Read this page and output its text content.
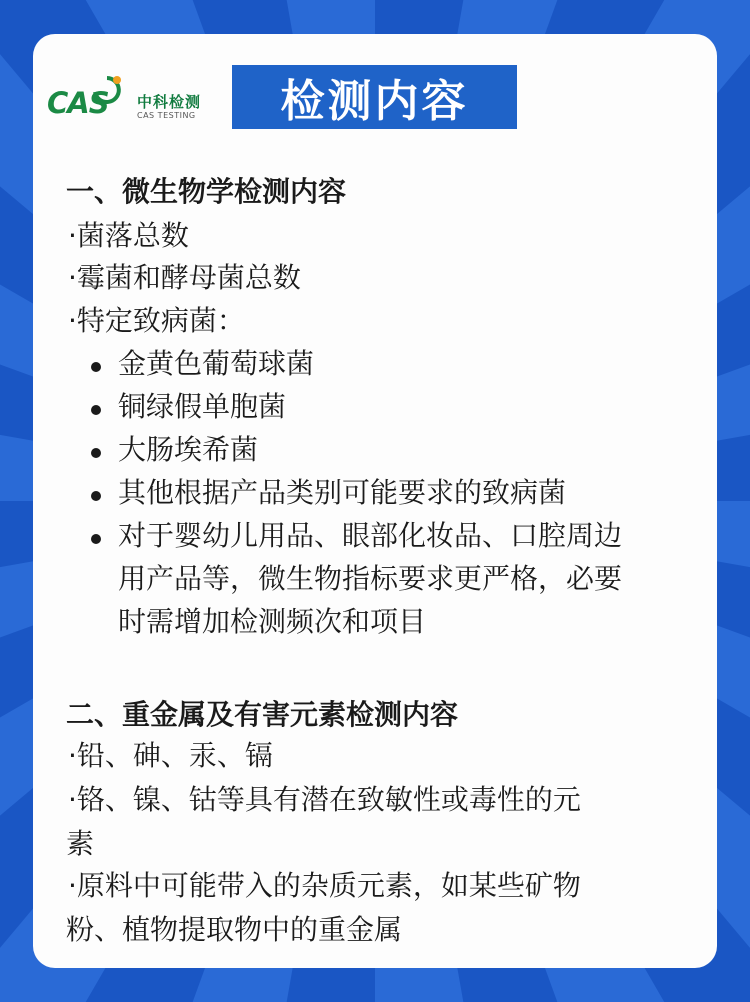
CAS 中科检测
CAS TESTING	检测内容
一、微生物学检测内容
·菌落总数
·霉菌和酵母菌总数
·特定致病菌：
金黄色葡萄球菌
铜绿假单胞菌
大肠埃希菌
其他根据产品类别可能要求的致病菌
对于婴幼儿用品、眼部化妆品、口腔周边
用产品等，微生物指标要求更严格，必要
时需增加检测频次和项目
二、重金属及有害元素检测内容
·铅、砷、汞、镉
·铬、镍、钴等具有潜在致敏性或毒性的元
素
·原料中可能带入的杂质元素，如某些矿物
粉、植物提取物中的重金属
